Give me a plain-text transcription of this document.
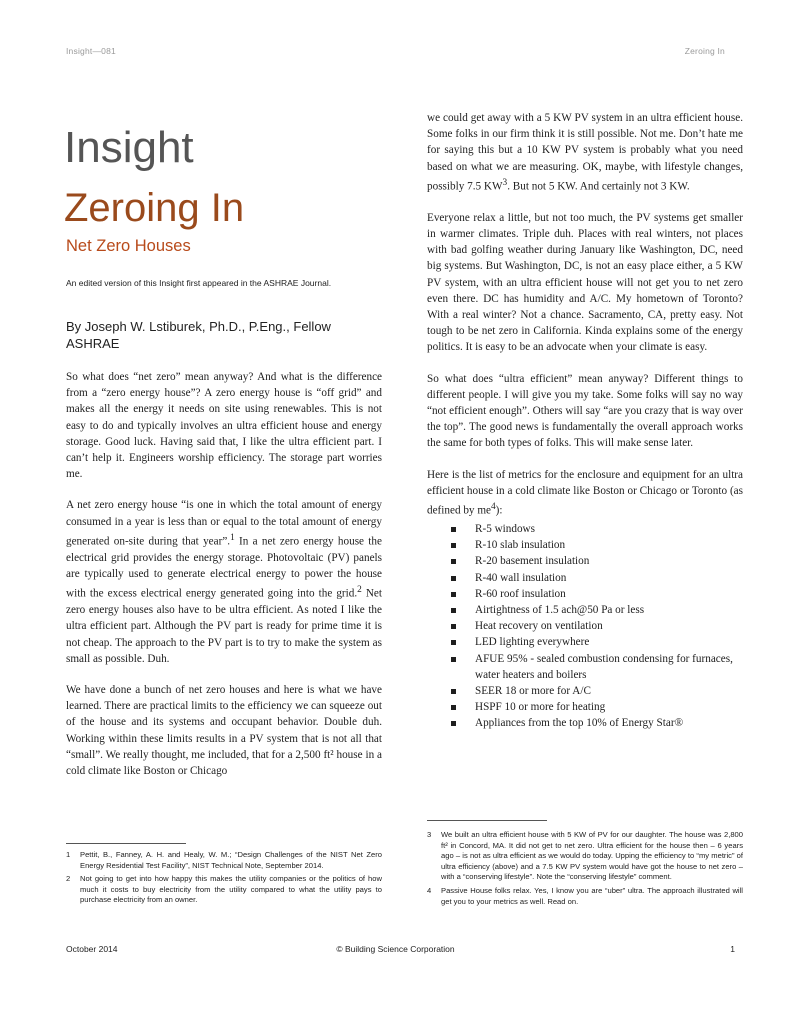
Insight—081	Zeroing In
Insight
Zeroing In
Net Zero Houses
An edited version of this Insight first appeared in the ASHRAE Journal.
By Joseph W. Lstiburek, Ph.D., P.Eng., Fellow ASHRAE

So what does “net zero” mean anyway? And what is the difference from a “zero energy house”? A zero energy house is “off grid” and makes all the energy it needs on site using renewables. This is not easy to do and typically involves an ultra efficient house and energy storage. Good luck. Having said that, I like the ultra efficient part. I can’t help it. Engineers worship efficiency. The storage part worries me.

A net zero energy house “is one in which the total amount of energy consumed in a year is less than or equal to the total amount of energy generated on-site during that year”.$^1$ In a net zero energy house the electrical grid provides the energy storage. Photovoltaic (PV) panels are typically used to generate electrical energy to power the house with the excess electrical energy generated going into the grid.$^2$ Net zero energy houses also have to be ultra efficient. As noted I like the ultra efficient part. Although the PV part is ready for prime time it is not cheap. The approach to the PV part is to try to make the system as small as possible. Duh.

We have done a bunch of net zero houses and here is what we have learned. There are practical limits to the efficiency we can squeeze out of the house and its systems and occupant behavior. Double duh. Working within these limits results in a PV system that is not all that “small”. We really thought, me included, that for a 2,500 ft² house in a cold climate like Boston or Chicago

we could get away with a 5 KW PV system in an ultra efficient house. Some folks in our firm think it is still possible. Not me. Don’t hate me for saying this but a 10 KW PV system is probably what you need based on what we are measuring. OK, maybe, with lifestyle changes, possibly 7.5 $KW^3$. But not 5 KW. And certainly not 3 KW.

Everyone relax a little, but not too much, the PV systems get smaller in warmer climates. Triple duh. Places with real winters, not places with bad golfing weather during January like Washington, DC, need big systems. But Washington, DC, is not an easy place either, a 5 KW PV system, with an ultra efficient house will not get you to net zero even there. DC has humidity and A/C. My hometown of Toronto? With a real winter? Not a chance. Sacramento, CA, pretty easy. Not tough to be net zero in California. Kinda explains some of the energy politics. It is easy to be an advocate when your climate is easy.

So what does “ultra efficient” mean anyway? Different things to different people. I will give you my take. Some folks will say no way “not efficient enough”. Others will say “are you crazy that is way over the top”. The good news is fundamentally the overall approach works the same for both types of folks. This will make sense later.

Here is the list of metrics for the enclosure and equipment for an ultra efficient house in a cold climate like Boston or Chicago or Toronto (as defined by $me^4$):

R-5 windows
R-10 slab insulation
R-20 basement insulation
R-40 wall insulation
R-60 roof insulation
Airtightness of 1.5 ach@50 Pa or less
Heat recovery on ventilation
LED lighting everywhere
AFUE 95% - sealed combustion condensing for furnaces, water heaters and boilers
SEER 18 or more for A/C
HSPF 10 or more for heating
Appliances from the top 10% of Energy Star®
1 Pettit, B., Fanney, A. H. and Healy, W. M.; “Design Challenges of the NIST Net Zero Energy Residential Test Facility”, NIST Technical Note, September 2014.
2 Not going to get into how happy this makes the utility companies or the politics of how much it costs to buy electricity from the utility compared to what the utility pays to purchase electricity from an owner.
3 We built an ultra efficient house with 5 KW of PV for our daughter. The house was 2,800 ft² in Concord, MA. It did not get to net zero. Ultra efficient for the house then – 6 years ago – is not as ultra efficient as we would do today. Upping the efficiency to “my metric” of ultra efficiency (above) and a 7.5 KW PV system would have got the house to net zero – with a “conserving lifestyle”. Note the “conserving lifestyle” comment.
4 Passive House folks relax. Yes, I know you are “uber” ultra. The approach illustrated will get you to your metrics as well. Read on.
October 2014	© Building Science Corporation	1
